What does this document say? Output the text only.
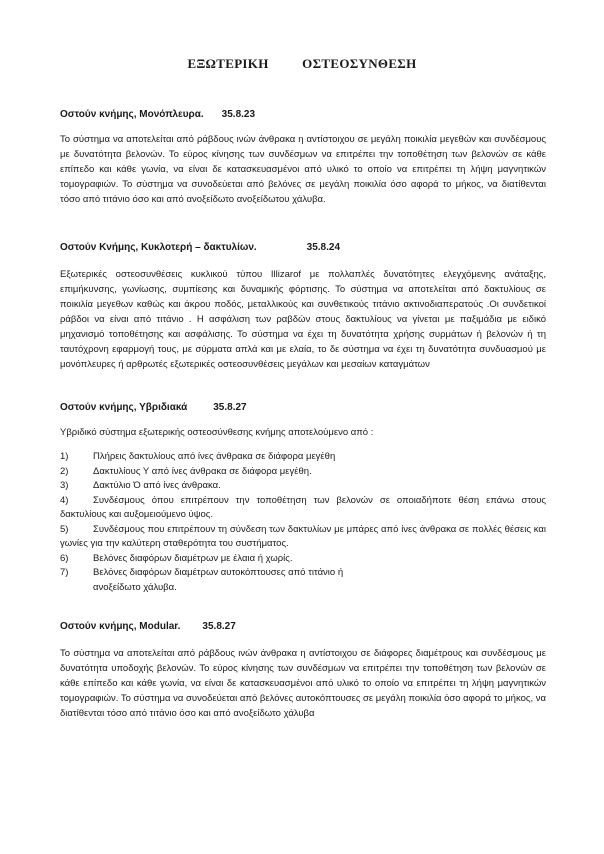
ΕΞΩΤΕΡΙΚΗ ΟΣΤΕΟΣΥΝΘΕΣΗ

Οστούν κνήμης, Μονόπλευρα. 35.8.23

Το σύστημα να αποτελείται από ράβδους ινών άνθρακα η αντίστοιχου σε μεγάλη ποικιλία μεγεθών και συνδέσμους με δυνατότητα βελονών. Το εύρος κίνησης των συνδέσμων να επιτρέπει την τοποθέτηση των βελονών σε κάθε επίπεδο και κάθε γωνία, να είναι δε κατασκευασμένοι από υλικό το οποίο να επιτρέπει τη λήψη μαγνητικών τομογραφιών. Το σύστημα να συνοδεύεται από βελόνες σε μεγάλη ποικιλία όσο αφορά το μήκος, να διατίθενται τόσο από τιτάνιο όσο και από ανοξείδωτο ανοξείδωτου χάλυβα.

Οστούν Κνήμης, Κυκλοτερή – δακτυλίων.	35.8.24

Εξωτερικές οστεοσυνθέσεις κυκλικού τύπου Illizarof με πολλαπλές δυνατότητες ελεγχόμενης ανάταξης, επιμήκυνσης, γωνίωσης, συμπίεσης και δυναμικής φόρτισης. Το σύστημα να αποτελείται από δακτυλίους σε ποικιλία μεγεθων καθώς και άκρου ποδός, μεταλλικούς και συνθετικούς τιτάνιο ακτινοδιαπερατούς .Οι συνδετικοί ράβδοι να είναι από τιτάνιο . Η ασφάλιση των ραβδών στους δακτυλίους να γίνεται με παξιμάδια με ειδικό μηχανισμό τοποθέτησης και ασφάλισης. Το σύστημα να έχει τη δυνατότητα χρήσης συρμάτων ή βελονών ή τη ταυτόχρονη εφαρμογή τους, με σύρματα απλά και με ελαία, το δε σύστημα να έχει τη δυνατότητα συνδυασμού με μονόπλευρες ή αρθρωτές εξωτερικές οστεοσυνθέσεις μεγάλων και μεσαίων καταγμάτων

Οστούν κνήμης, Υβριδιακά	35.8.27

Υβριδικό σύστημα εξωτερικής οστεοσύνθεσης κνήμης αποτελούμενο από :

1)	Πλήρεις δακτυλίους από ίνες άνθρακα σε διάφορα μεγέθη
2)	Δακτυλίους Υ από ίνες άνθρακα σε διάφορα μεγέθη.
3)	Δακτύλιο Ό από ίνες άνθρακα.
4)	Συνδέσμους όπου επιτρέπουν την τοποθέτηση των βελονών σε οποιαδήποτε θέση επάνω στους δακτυλίους και αυξομειούμενο ύψος.
5)	Συνδέσμους που επιτρέπουν τη σύνδεση των δακτυλίων με μπάρες από ίνες άνθρακα σε πολλές θέσεις και γωνίες για την καλύτερη σταθερότητα του συστήματος.
6)	Βελόνες διαφόρων διαμέτρων με έλαια ή χωρίς.
7)	Βελόνες διαφόρων διαμέτρων αυτοκόπτουσες από τιτάνιο ή ανοξείδωτο χάλυβα.

Οστούν κνήμης, Modular. 35.8.27

Το σύστημα να αποτελείται από ράβδους ινών άνθρακα η αντίστοιχου σε διάφορες διαμέτρους και συνδέσμους με δυνατότητα υποδοχής βελονών. Το εύρος κίνησης των συνδέσμων να επιτρέπει την τοποθέτηση των βελονών σε κάθε επίπεδο και κάθε γωνία, να είναι δε κατασκευασμένοι από υλικό το οποίο να επιτρέπει τη λήψη μαγνητικών τομογραφιών. Το σύστημα να συνοδεύεται από βελόνες αυτοκόπτουσες σε μεγάλη ποικιλία όσο αφορά το μήκος, να διατίθενται τόσο από τιτάνιο όσο και από ανοξείδωτο χάλυβα
